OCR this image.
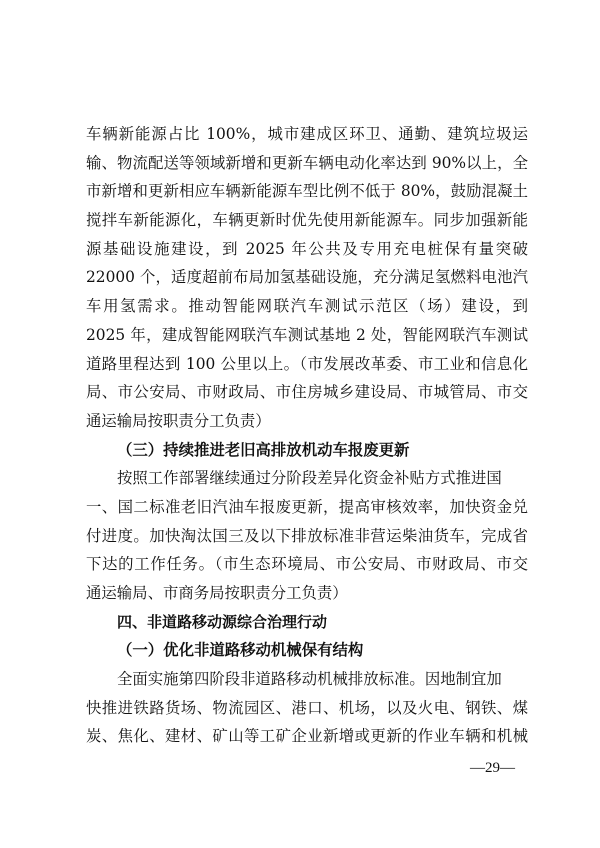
车辆新能源占比 100%，城市建成区环卫、通勤、建筑垃圾运
输、物流配送等领域新增和更新车辆电动化率达到 90%以上，全
市新增和更新相应车辆新能源车型比例不低于 80%，鼓励混凝土
搅拌车新能源化，车辆更新时优先使用新能源车。同步加强新能
源基础设施建设，到 2025 年公共及专用充电桩保有量突破
22000 个，适度超前布局加氢基础设施，充分满足氢燃料电池汽
车用氢需求。推动智能网联汽车测试示范区（场）建设，到
2025 年，建成智能网联汽车测试基地 2 处，智能网联汽车测试
道路里程达到 100 公里以上。（市发展改革委、市工业和信息化
局、市公安局、市财政局、市住房城乡建设局、市城管局、市交
通运输局按职责分工负责）
（三）持续推进老旧高排放机动车报废更新
按照工作部署继续通过分阶段差异化资金补贴方式推进国
一、国二标准老旧汽油车报废更新，提高审核效率，加快资金兑
付进度。加快淘汰国三及以下排放标准非营运柴油货车，完成省
下达的工作任务。（市生态环境局、市公安局、市财政局、市交
通运输局、市商务局按职责分工负责）
四、非道路移动源综合治理行动
（一）优化非道路移动机械保有结构
全面实施第四阶段非道路移动机械排放标准。因地制宜加
快推进铁路货场、物流园区、港口、机场，以及火电、钢铁、煤
炭、焦化、建材、矿山等工矿企业新增或更新的作业车辆和机械
—29—
